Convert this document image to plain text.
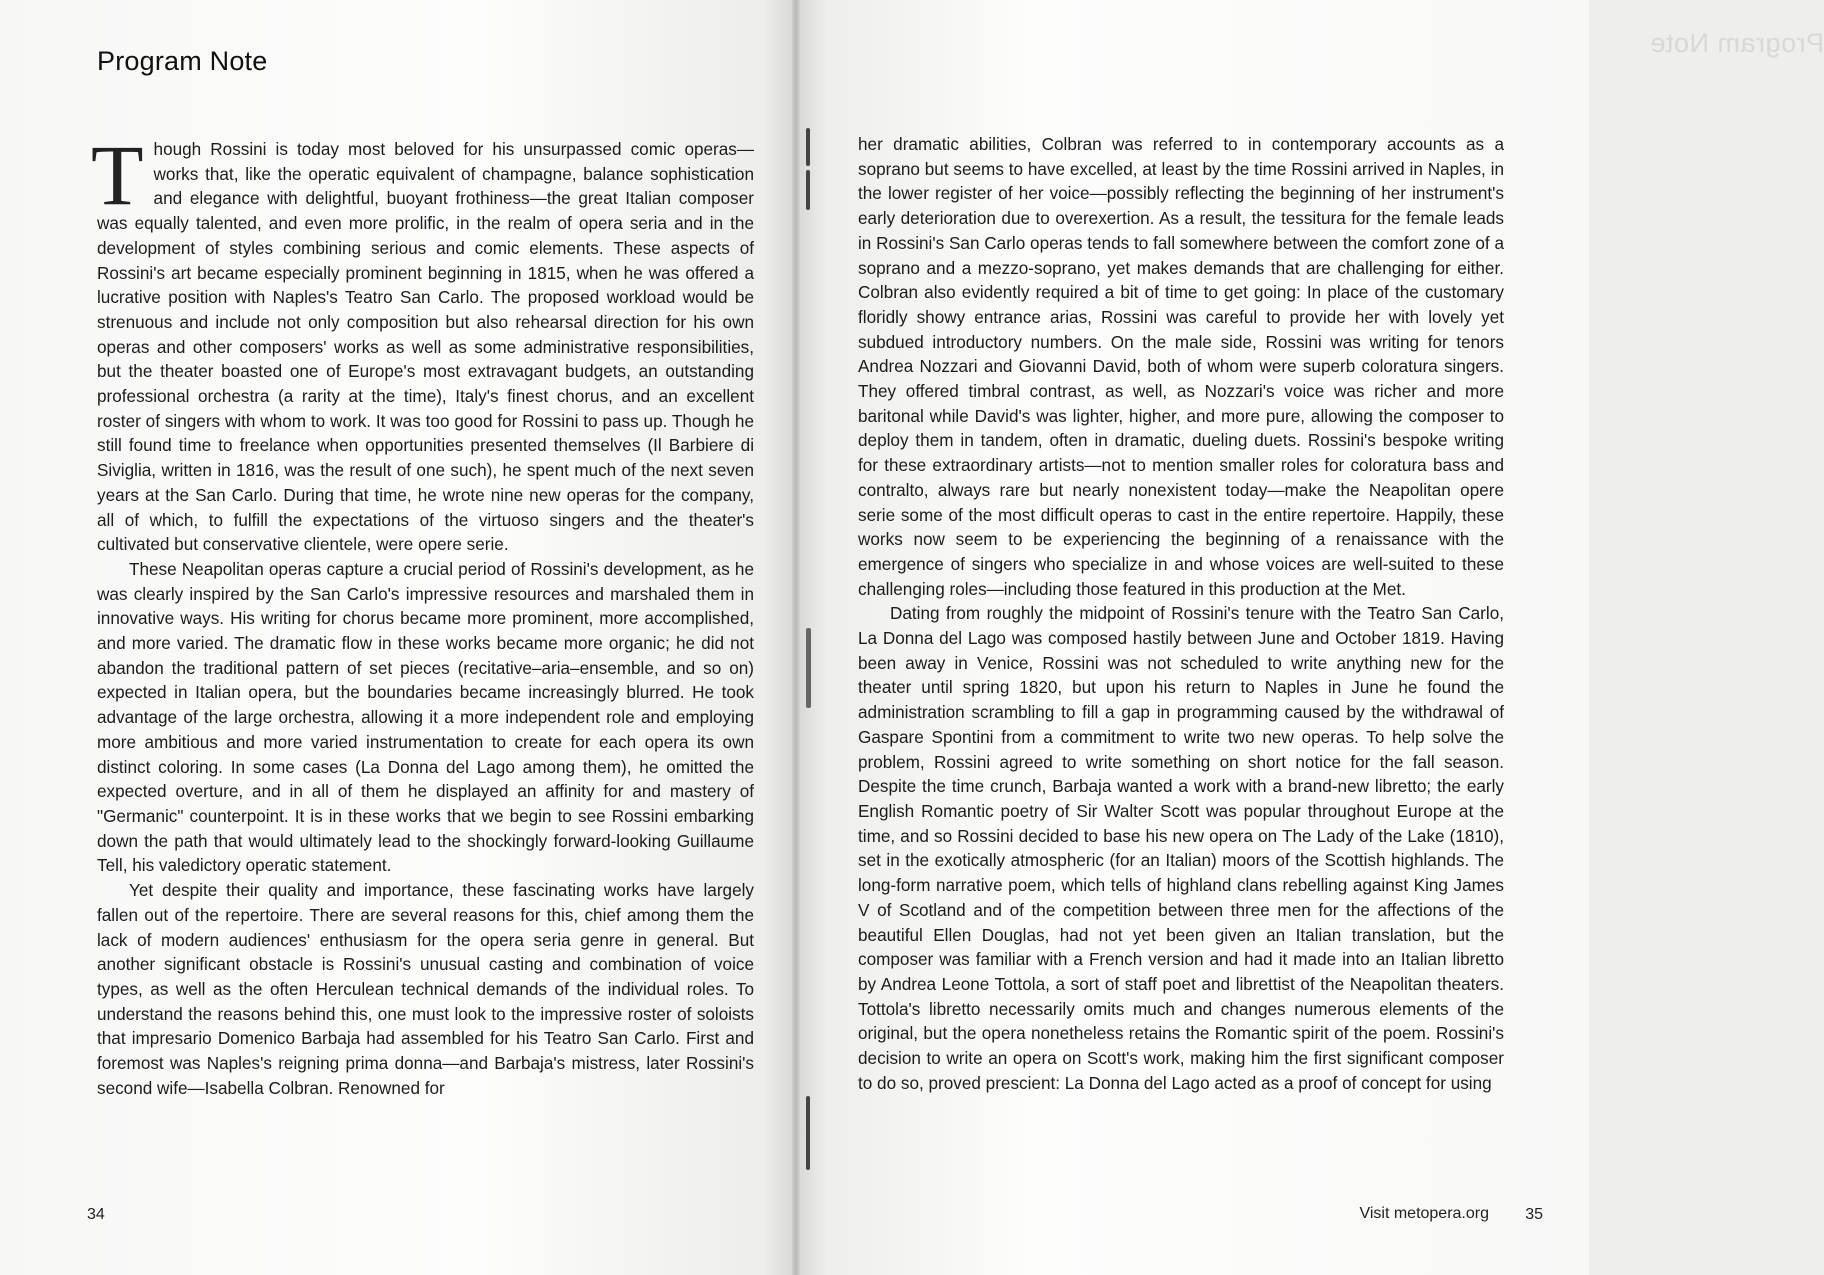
Program Note

Though Rossini is today most beloved for his unsurpassed comic operas—works that, like the operatic equivalent of champagne, balance sophistication and elegance with delightful, buoyant frothiness—the great Italian composer was equally talented, and even more prolific, in the realm of opera seria and in the development of styles combining serious and comic elements. These aspects of Rossini's art became especially prominent beginning in 1815, when he was offered a lucrative position with Naples's Teatro San Carlo. The proposed workload would be strenuous and include not only composition but also rehearsal direction for his own operas and other composers' works as well as some administrative responsibilities, but the theater boasted one of Europe's most extravagant budgets, an outstanding professional orchestra (a rarity at the time), Italy's finest chorus, and an excellent roster of singers with whom to work. It was too good for Rossini to pass up. Though he still found time to freelance when opportunities presented themselves (Il Barbiere di Siviglia, written in 1816, was the result of one such), he spent much of the next seven years at the San Carlo. During that time, he wrote nine new operas for the company, all of which, to fulfill the expectations of the virtuoso singers and the theater's cultivated but conservative clientele, were opere serie.

These Neapolitan operas capture a crucial period of Rossini's development, as he was clearly inspired by the San Carlo's impressive resources and marshaled them in innovative ways. His writing for chorus became more prominent, more accomplished, and more varied. The dramatic flow in these works became more organic; he did not abandon the traditional pattern of set pieces (recitative–aria–ensemble, and so on) expected in Italian opera, but the boundaries became increasingly blurred. He took advantage of the large orchestra, allowing it a more independent role and employing more ambitious and more varied instrumentation to create for each opera its own distinct coloring. In some cases (La Donna del Lago among them), he omitted the expected overture, and in all of them he displayed an affinity for and mastery of "Germanic" counterpoint. It is in these works that we begin to see Rossini embarking down the path that would ultimately lead to the shockingly forward-looking Guillaume Tell, his valedictory operatic statement.

Yet despite their quality and importance, these fascinating works have largely fallen out of the repertoire. There are several reasons for this, chief among them the lack of modern audiences' enthusiasm for the opera seria genre in general. But another significant obstacle is Rossini's unusual casting and combination of voice types, as well as the often Herculean technical demands of the individual roles. To understand the reasons behind this, one must look to the impressive roster of soloists that impresario Domenico Barbaja had assembled for his Teatro San Carlo. First and foremost was Naples's reigning prima donna—and Barbaja's mistress, later Rossini's second wife—Isabella Colbran. Renowned for

34
Program Note

her dramatic abilities, Colbran was referred to in contemporary accounts as a soprano but seems to have excelled, at least by the time Rossini arrived in Naples, in the lower register of her voice—possibly reflecting the beginning of her instrument's early deterioration due to overexertion. As a result, the tessitura for the female leads in Rossini's San Carlo operas tends to fall somewhere between the comfort zone of a soprano and a mezzo-soprano, yet makes demands that are challenging for either. Colbran also evidently required a bit of time to get going: In place of the customary floridly showy entrance arias, Rossini was careful to provide her with lovely yet subdued introductory numbers. On the male side, Rossini was writing for tenors Andrea Nozzari and Giovanni David, both of whom were superb coloratura singers. They offered timbral contrast, as well, as Nozzari's voice was richer and more baritonal while David's was lighter, higher, and more pure, allowing the composer to deploy them in tandem, often in dramatic, dueling duets. Rossini's bespoke writing for these extraordinary artists—not to mention smaller roles for coloratura bass and contralto, always rare but nearly nonexistent today—make the Neapolitan opere serie some of the most difficult operas to cast in the entire repertoire. Happily, these works now seem to be experiencing the beginning of a renaissance with the emergence of singers who specialize in and whose voices are well-suited to these challenging roles—including those featured in this production at the Met.

Dating from roughly the midpoint of Rossini's tenure with the Teatro San Carlo, La Donna del Lago was composed hastily between June and October 1819. Having been away in Venice, Rossini was not scheduled to write anything new for the theater until spring 1820, but upon his return to Naples in June he found the administration scrambling to fill a gap in programming caused by the withdrawal of Gaspare Spontini from a commitment to write two new operas. To help solve the problem, Rossini agreed to write something on short notice for the fall season. Despite the time crunch, Barbaja wanted a work with a brand-new libretto; the early English Romantic poetry of Sir Walter Scott was popular throughout Europe at the time, and so Rossini decided to base his new opera on The Lady of the Lake (1810), set in the exotically atmospheric (for an Italian) moors of the Scottish highlands. The long-form narrative poem, which tells of highland clans rebelling against King James V of Scotland and of the competition between three men for the affections of the beautiful Ellen Douglas, had not yet been given an Italian translation, but the composer was familiar with a French version and had it made into an Italian libretto by Andrea Leone Tottola, a sort of staff poet and librettist of the Neapolitan theaters. Tottola's libretto necessarily omits much and changes numerous elements of the original, but the opera nonetheless retains the Romantic spirit of the poem. Rossini's decision to write an opera on Scott's work, making him the first significant composer to do so, proved prescient: La Donna del Lago acted as a proof of concept for using

Visit metopera.org 35
